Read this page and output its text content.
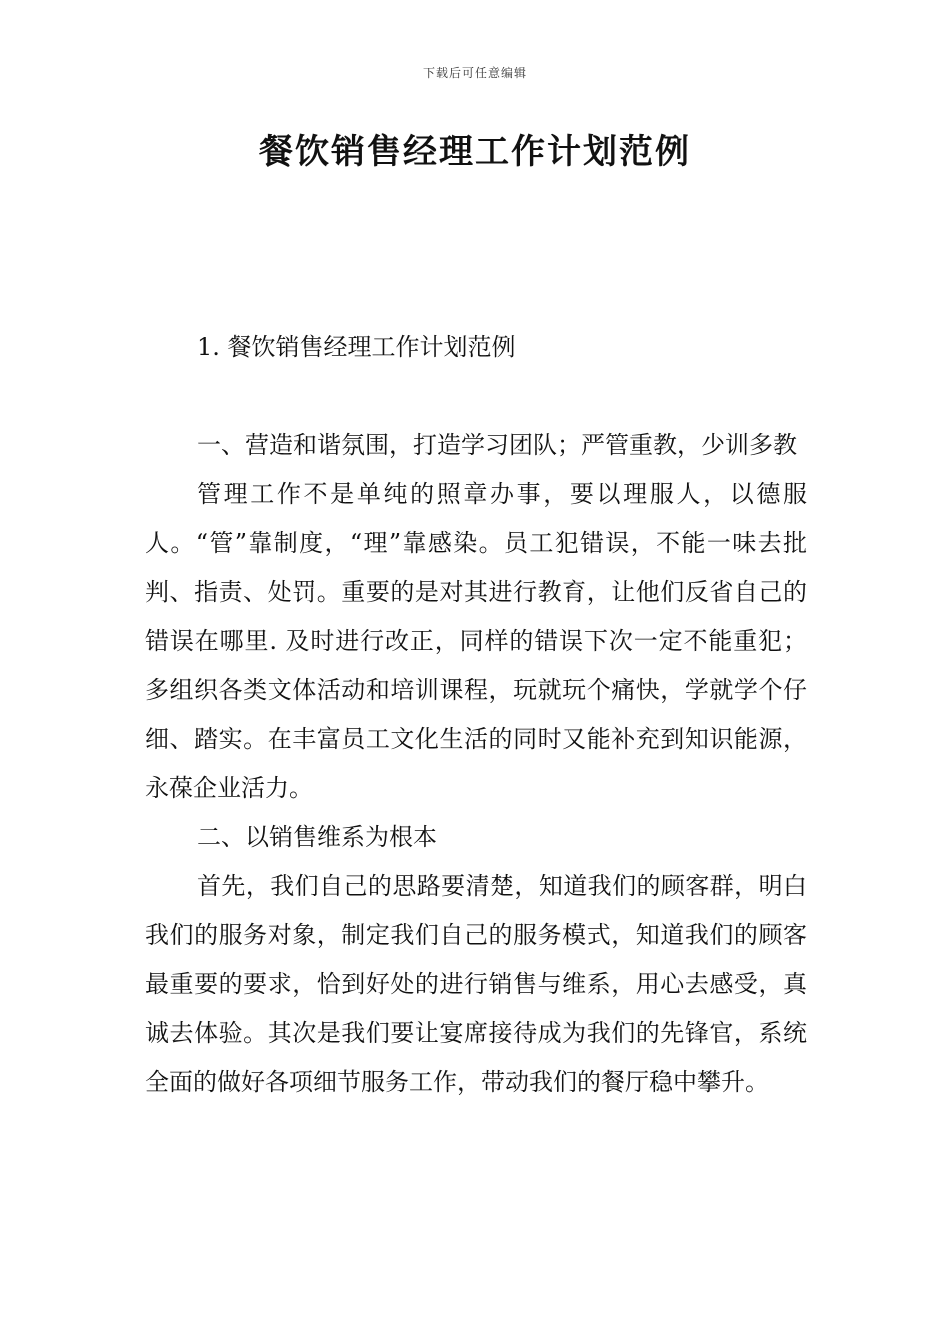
下载后可任意编辑
餐饮销售经理工作计划范例

1. 餐饮销售经理工作计划范例

一、营造和谐氛围，打造学习团队；严管重教，少训多教

管理工作不是单纯的照章办事，要以理服人，以德服人。“管”靠制度，“理”靠感染。员工犯错误，不能一味去批判、指责、处罚。重要的是对其进行教育，让他们反省自己的错误在哪里. 及时进行改正，同样的错误下次一定不能重犯；多组织各类文体活动和培训课程，玩就玩个痛快，学就学个仔细、踏实。在丰富员工文化生活的同时又能补充到知识能源，永葆企业活力。

二、以销售维系为根本

首先，我们自己的思路要清楚，知道我们的顾客群，明白我们的服务对象，制定我们自己的服务模式，知道我们的顾客最重要的要求，恰到好处的进行销售与维系，用心去感受，真诚去体验。其次是我们要让宴席接待成为我们的先锋官，系统全面的做好各项细节服务工作，带动我们的餐厅稳中攀升。
